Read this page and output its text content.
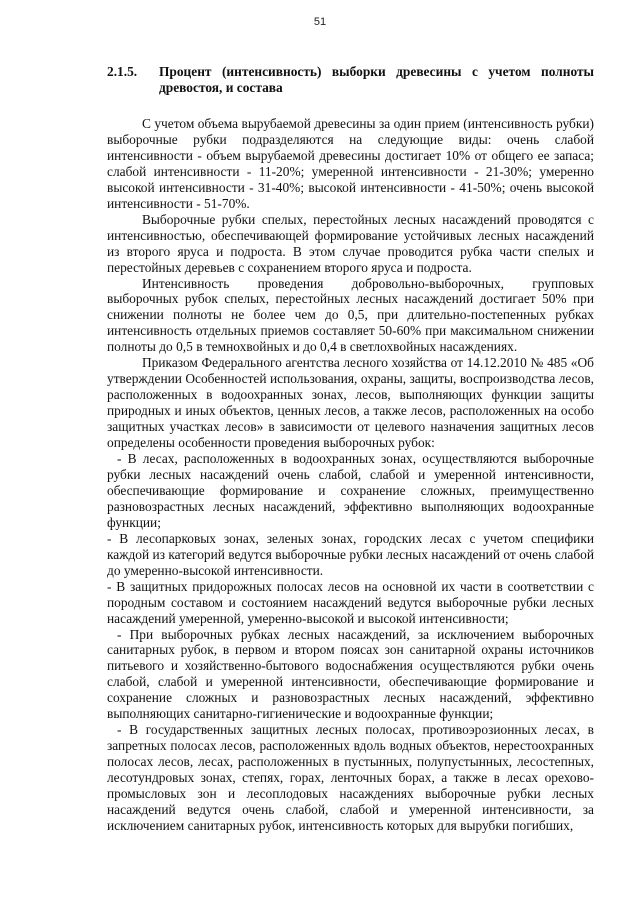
51
2.1.5.	Процент (интенсивность) выборки древесины с учетом полноты древостоя, и состава

С учетом объема вырубаемой древесины за один прием (интенсивность рубки) выборочные рубки подразделяются на следующие виды: очень слабой интенсивности - объем вырубаемой древесины достигает 10% от общего ее запаса; слабой интенсивности - 11-20%; умеренной интенсивности - 21-30%; умеренно высокой интенсивности - 31-40%; высокой интенсивности - 41-50%; очень высокой интенсивности - 51-70%.

Выборочные рубки спелых, перестойных лесных насаждений проводятся с интенсивностью, обеспечивающей формирование устойчивых лесных насаждений из второго яруса и подроста. В этом случае проводится рубка части спелых и перестойных деревьев с сохранением второго яруса и подроста.

Интенсивность проведения добровольно-выборочных, групповых выборочных рубок спелых, перестойных лесных насаждений достигает 50% при снижении полноты не более чем до 0,5, при длительно-постепенных рубках интенсивность отдельных приемов составляет 50-60% при максимальном снижении полноты до 0,5 в темнохвойных и до 0,4 в светлохвойных насаждениях.

Приказом Федерального агентства лесного хозяйства от 14.12.2010 № 485 «Об утверждении Особенностей использования, охраны, защиты, воспроизводства лесов, расположенных в водоохранных зонах, лесов, выполняющих функции защиты природных и иных объектов, ценных лесов, а также лесов, расположенных на особо защитных участках лесов» в зависимости от целевого назначения защитных лесов определены особенности проведения выборочных рубок:

- В лесах, расположенных в водоохранных зонах, осуществляются выборочные рубки лесных насаждений очень слабой, слабой и умеренной интенсивности, обеспечивающие формирование и сохранение сложных, преимущественно разновозрастных лесных насаждений, эффективно выполняющих водоохранные функции;

- В лесопарковых зонах, зеленых зонах, городских лесах с учетом специфики каждой из категорий ведутся выборочные рубки лесных насаждений от очень слабой до умеренно-высокой интенсивности.

- В защитных придорожных полосах лесов на основной их части в соответствии с породным составом и состоянием насаждений ведутся выборочные рубки лесных насаждений умеренной, умеренно-высокой и высокой интенсивности;

- При выборочных рубках лесных насаждений, за исключением выборочных санитарных рубок, в первом и втором поясах зон санитарной охраны источников питьевого и хозяйственно-бытового водоснабжения осуществляются рубки очень слабой, слабой и умеренной интенсивности, обеспечивающие формирование и сохранение сложных и разновозрастных лесных насаждений, эффективно выполняющих санитарно-гигиенические и водоохранные функции;

- В государственных защитных лесных полосах, противоэрозионных лесах, в запретных полосах лесов, расположенных вдоль водных объектов, нерестоохранных полосах лесов, лесах, расположенных в пустынных, полупустынных, лесостепных, лесотундровых зонах, степях, горах, ленточных борах, а также в лесах орехово-промысловых зон и лесоплодовых насаждениях выборочные рубки лесных насаждений ведутся очень слабой, слабой и умеренной интенсивности, за исключением санитарных рубок, интенсивность которых для вырубки погибших,
